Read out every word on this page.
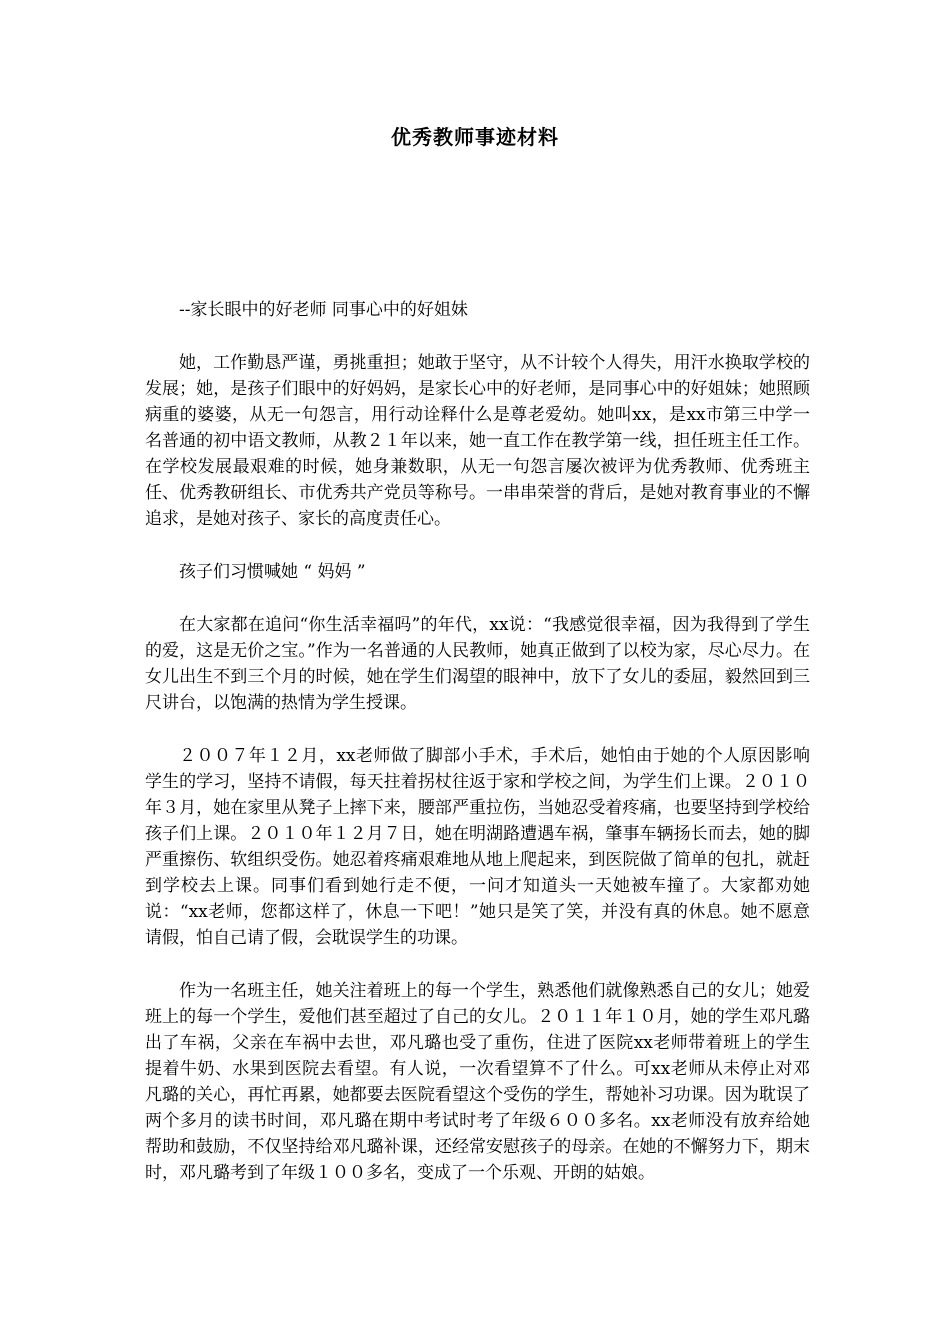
优秀教师事迹材料

--家长眼中的好老师 同事心中的好姐妹

她，工作勤恳严谨，勇挑重担；她敢于坚守，从不计较个人得失，用汗水换取学校的发展；她，是孩子们眼中的好妈妈，是家长心中的好老师，是同事心中的好姐妹；她照顾病重的婆婆，从无一句怨言，用行动诠释什么是尊老爱幼。她叫xx，是xx市第三中学一名普通的初中语文教师，从教２１年以来，她一直工作在教学第一线，担任班主任工作。在学校发展最艰难的时候，她身兼数职，从无一句怨言屡次被评为优秀教师、优秀班主任、优秀教研组长、市优秀共产党员等称号。一串串荣誉的背后，是她对教育事业的不懈追求，是她对孩子、家长的高度责任心。

孩子们习惯喊她 “ 妈妈 ”

在大家都在追问“你生活幸福吗”的年代，xx说：“我感觉很幸福，因为我得到了学生的爱，这是无价之宝。”作为一名普通的人民教师，她真正做到了以校为家，尽心尽力。在女儿出生不到三个月的时候，她在学生们渴望的眼神中，放下了女儿的委屈，毅然回到三尺讲台，以饱满的热情为学生授课。

２００７年１２月，xx老师做了脚部小手术，手术后，她怕由于她的个人原因影响学生的学习，坚持不请假，每天拄着拐杖往返于家和学校之间，为学生们上课。２０１０年３月，她在家里从凳子上摔下来，腰部严重拉伤，当她忍受着疼痛，也要坚持到学校给孩子们上课。２０１０年１２月７日，她在明湖路遭遇车祸，肇事车辆扬长而去，她的脚严重擦伤、软组织受伤。她忍着疼痛艰难地从地上爬起来，到医院做了简单的包扎，就赶到学校去上课。同事们看到她行走不便，一问才知道头一天她被车撞了。大家都劝她说：“xx老师，您都这样了，休息一下吧！”她只是笑了笑，并没有真的休息。她不愿意请假，怕自己请了假，会耽误学生的功课。

作为一名班主任，她关注着班上的每一个学生，熟悉他们就像熟悉自己的女儿；她爱班上的每一个学生，爱他们甚至超过了自己的女儿。２０１１年１０月，她的学生邓凡璐出了车祸，父亲在车祸中去世，邓凡璐也受了重伤，住进了医院xx老师带着班上的学生提着牛奶、水果到医院去看望。有人说，一次看望算不了什么。可xx老师从未停止对邓凡璐的关心，再忙再累，她都要去医院看望这个受伤的学生，帮她补习功课。因为耽误了两个多月的读书时间，邓凡璐在期中考试时考了年级６００多名。xx老师没有放弃给她帮助和鼓励，不仅坚持给邓凡璐补课，还经常安慰孩子的母亲。在她的不懈努力下，期末时，邓凡璐考到了年级１００多名，变成了一个乐观、开朗的姑娘。
